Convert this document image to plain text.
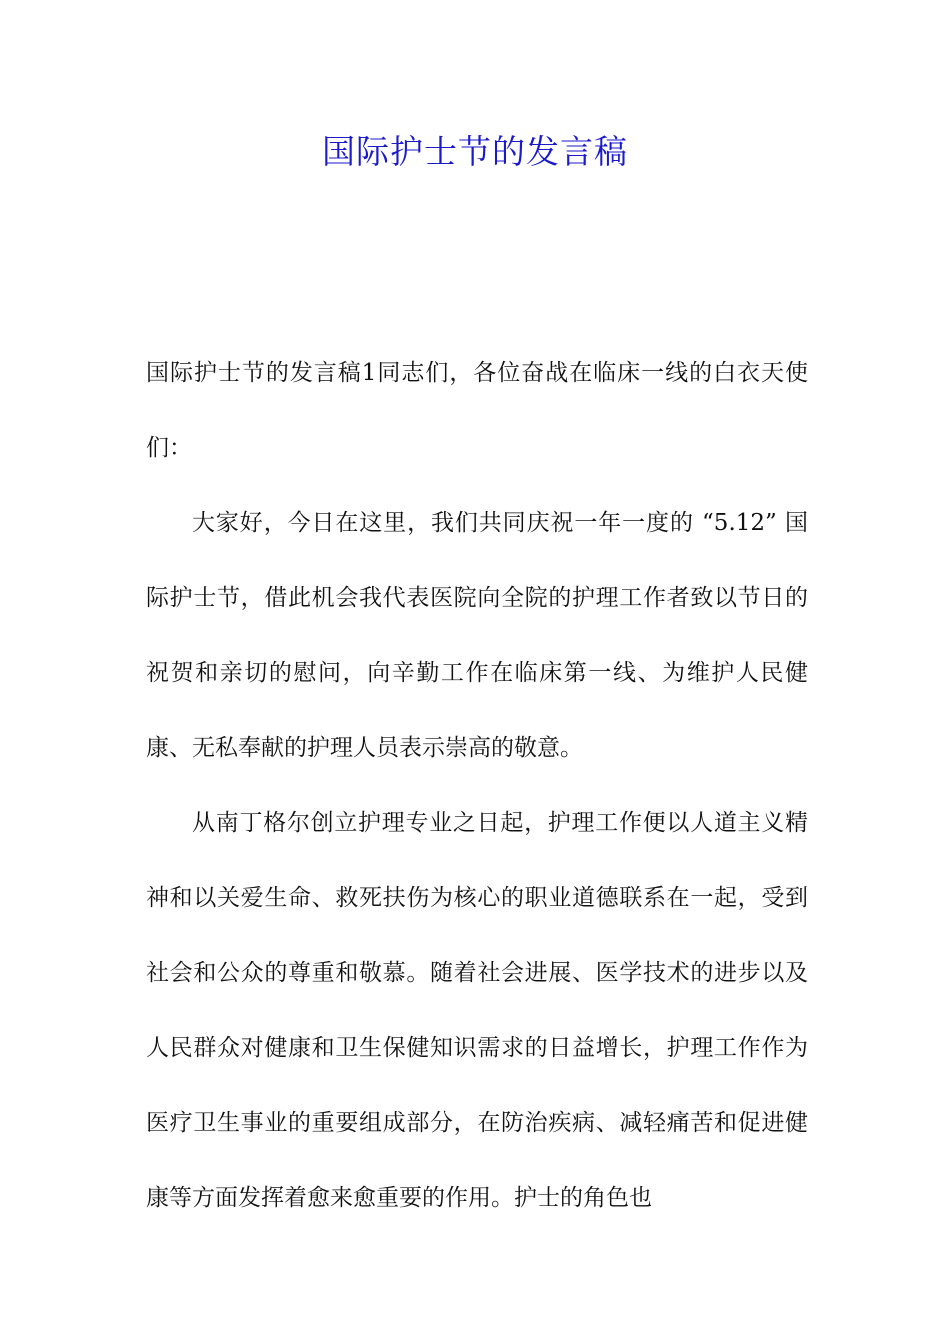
国际护士节的发言稿

国际护士节的发言稿1同志们，各位奋战在临床一线的白衣天使们：

大家好，今日在这里，我们共同庆祝一年一度的 “5.12” 国际护士节，借此机会我代表医院向全院的护理工作者致以节日的祝贺和亲切的慰问，向辛勤工作在临床第一线、为维护人民健康、无私奉献的护理人员表示崇高的敬意。

从南丁格尔创立护理专业之日起，护理工作便以人道主义精神和以关爱生命、救死扶伤为核心的职业道德联系在一起，受到社会和公众的尊重和敬慕。随着社会进展、医学技术的进步以及人民群众对健康和卫生保健知识需求的日益增长，护理工作作为医疗卫生事业的重要组成部分，在防治疾病、减轻痛苦和促进健康等方面发挥着愈来愈重要的作用。护士的角色也
